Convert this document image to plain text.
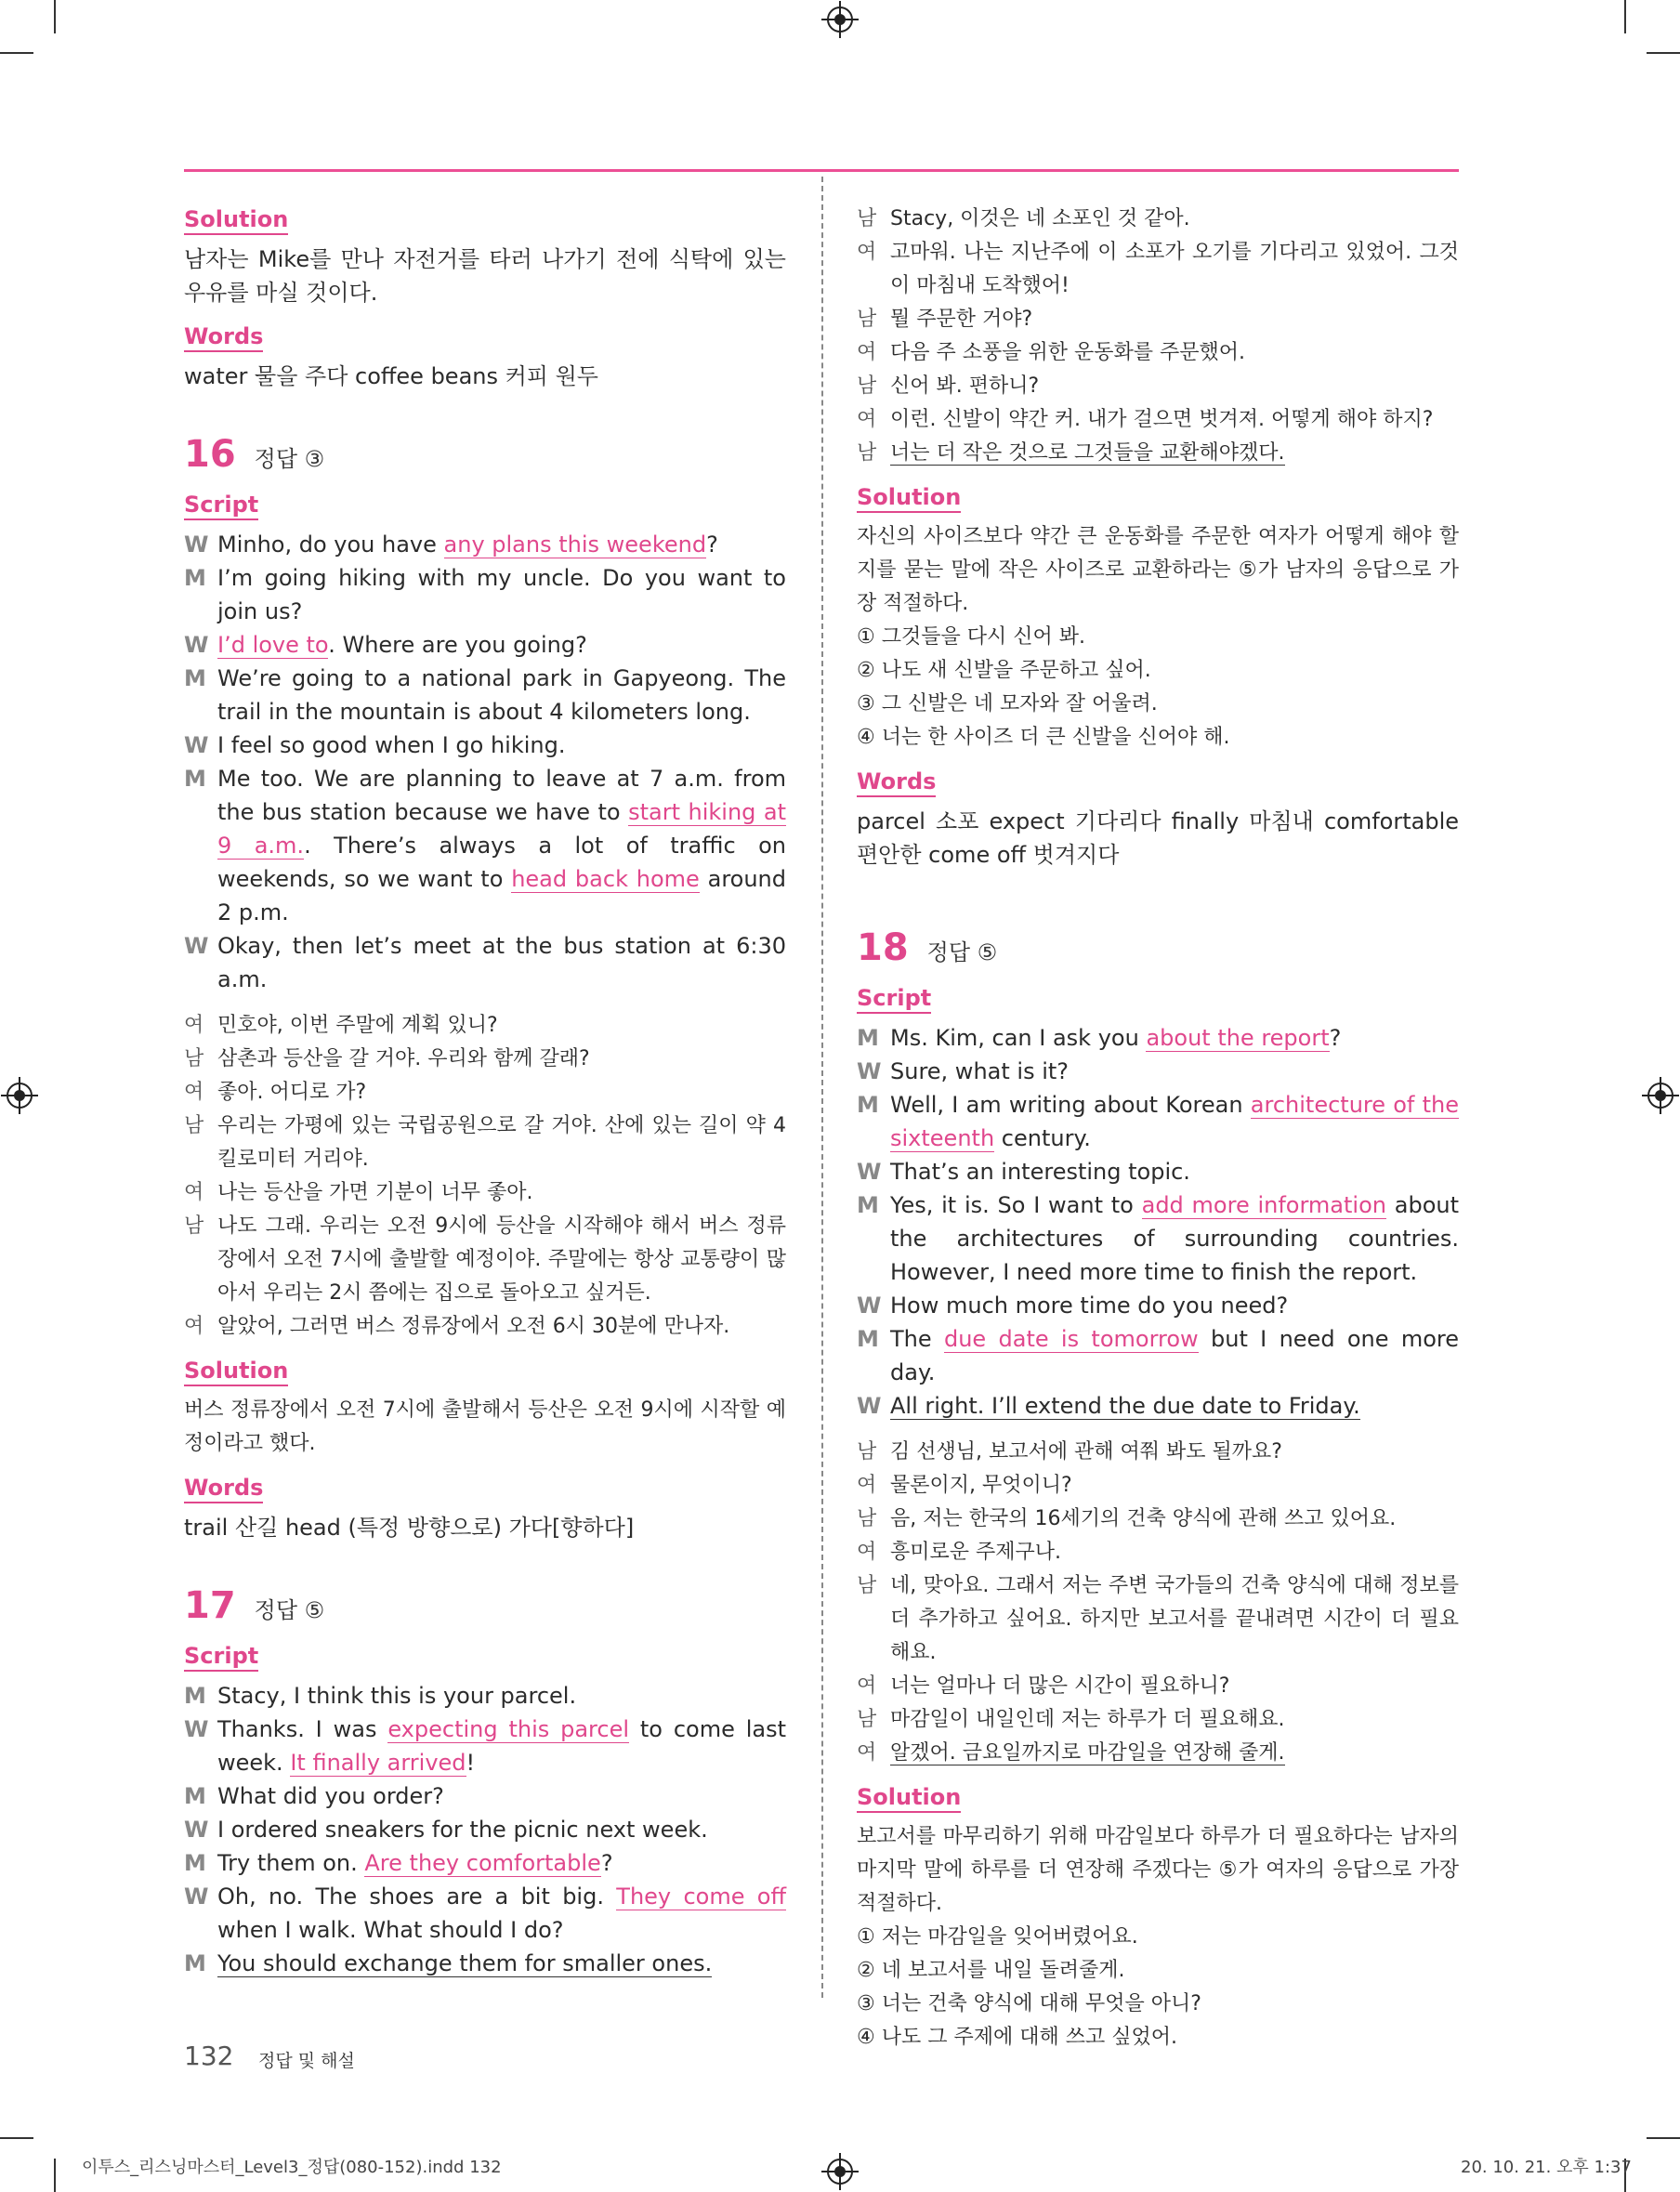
Solution

남자는 Mike를 만나 자전거를 타러 나가기 전에 식탁에 있는 우유를 마실 것이다.

Words

water 물을 주다 coffee beans 커피 원두

16 정답 ③
Script
W Minho, do you have any plans this weekend?
M I’m going hiking with my uncle. Do you want to join us?
W I’d love to. Where are you going?
M We’re going to a national park in Gapyeong. The trail in the mountain is about 4 kilometers long.
W I feel so good when I go hiking.
M Me too. We are planning to leave at 7 a.m. from the bus station because we have to start hiking at 9 a.m.. There’s always a lot of traffic on weekends, so we want to head back home around 2 p.m.
W Okay, then let’s meet at the bus station at 6:30 a.m.
여 민호야, 이번 주말에 계획 있니?
남 삼촌과 등산을 갈 거야. 우리와 함께 갈래?
여 좋아. 어디로 가?
남 우리는 가평에 있는 국립공원으로 갈 거야. 산에 있는 길이 약 4킬로미터 거리야.
여 나는 등산을 가면 기분이 너무 좋아.
남 나도 그래. 우리는 오전 9시에 등산을 시작해야 해서 버스 정류장에서 오전 7시에 출발할 예정이야. 주말에는 항상 교통량이 많아서 우리는 2시 쯤에는 집으로 돌아오고 싶거든.
여 알았어, 그러면 버스 정류장에서 오전 6시 30분에 만나자.
Solution

버스 정류장에서 오전 7시에 출발해서 등산은 오전 9시에 시작할 예정이라고 했다.

Words

trail 산길 head (특정 방향으로) 가다[향하다]

17 정답 ⑤
Script
M Stacy, I think this is your parcel.
W Thanks. I was expecting this parcel to come last week. It finally arrived!
M What did you order?
W I ordered sneakers for the picnic next week.
M Try them on. Are they comfortable?
W Oh, no. The shoes are a bit big. They come off when I walk. What should I do?
M You should exchange them for smaller ones.
남 Stacy, 이것은 네 소포인 것 같아.
여 고마워. 나는 지난주에 이 소포가 오기를 기다리고 있었어. 그것이 마침내 도착했어!
남 뭘 주문한 거야?
여 다음 주 소풍을 위한 운동화를 주문했어.
남 신어 봐. 편하니?
여 이런. 신발이 약간 커. 내가 걸으면 벗겨져. 어떻게 해야 하지?
남 너는 더 작은 것으로 그것들을 교환해야겠다.
Solution

자신의 사이즈보다 약간 큰 운동화를 주문한 여자가 어떻게 해야 할지를 묻는 말에 작은 사이즈로 교환하라는 ⑤가 남자의 응답으로 가장 적절하다.

① 그것들을 다시 신어 봐.

② 나도 새 신발을 주문하고 싶어.

③ 그 신발은 네 모자와 잘 어울려.

④ 너는 한 사이즈 더 큰 신발을 신어야 해.

Words

parcel 소포 expect 기다리다 finally 마침내 comfortable 편안한 come off 벗겨지다

18 정답 ⑤
Script
M Ms. Kim, can I ask you about the report?
W Sure, what is it?
M Well, I am writing about Korean architecture of the sixteenth century.
W That’s an interesting topic.
M Yes, it is. So I want to add more information about the architectures of surrounding countries. However, I need more time to finish the report.
W How much more time do you need?
M The due date is tomorrow but I need one more day.
W All right. I’ll extend the due date to Friday.
남 김 선생님, 보고서에 관해 여쭤 봐도 될까요?
여 물론이지, 무엇이니?
남 음, 저는 한국의 16세기의 건축 양식에 관해 쓰고 있어요.
여 흥미로운 주제구나.
남 네, 맞아요. 그래서 저는 주변 국가들의 건축 양식에 대해 정보를 더 추가하고 싶어요. 하지만 보고서를 끝내려면 시간이 더 필요해요.
여 너는 얼마나 더 많은 시간이 필요하니?
남 마감일이 내일인데 저는 하루가 더 필요해요.
여 알겠어. 금요일까지로 마감일을 연장해 줄게.
Solution

보고서를 마무리하기 위해 마감일보다 하루가 더 필요하다는 남자의 마지막 말에 하루를 더 연장해 주겠다는 ⑤가 여자의 응답으로 가장 적절하다.

① 저는 마감일을 잊어버렸어요.

② 네 보고서를 내일 돌려줄게.

③ 너는 건축 양식에 대해 무엇을 아니?

④ 나도 그 주제에 대해 쓰고 싶었어.

132 정답 및 해설
이투스_리스닝마스터_Level3_정답(080-152).indd 132	20. 10. 21. 오후 1:37
